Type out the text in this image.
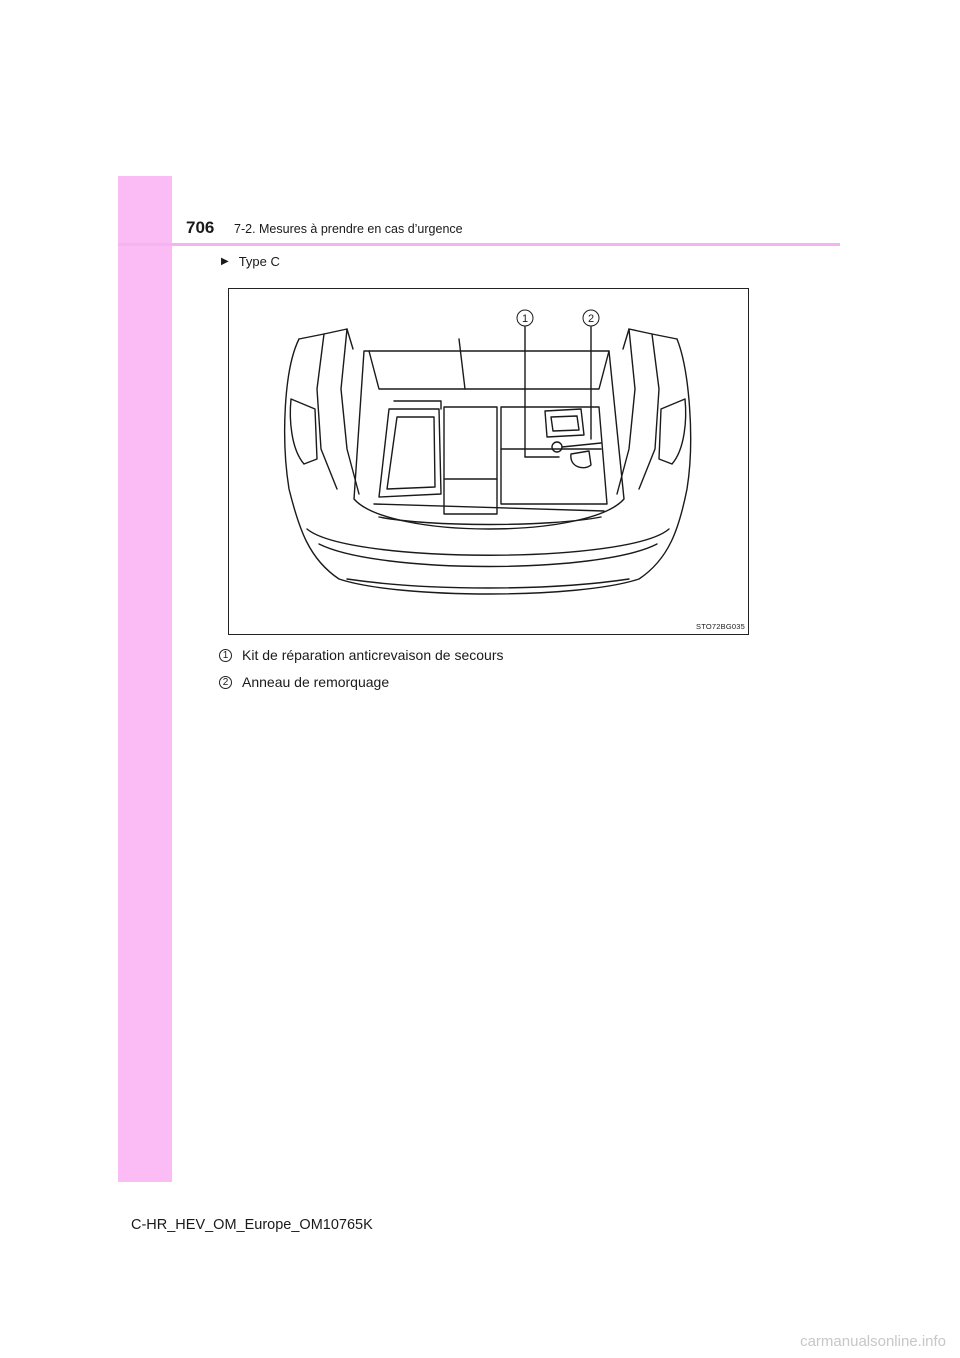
706 7-2. Mesures à prendre en cas d’urgence
▶ Type C
1	2
STO72BG035
1 Kit de réparation anticrevaison de secours
2 Anneau de remorquage
C-HR_HEV_OM_Europe_OM10765K
carmanualsonline.info
